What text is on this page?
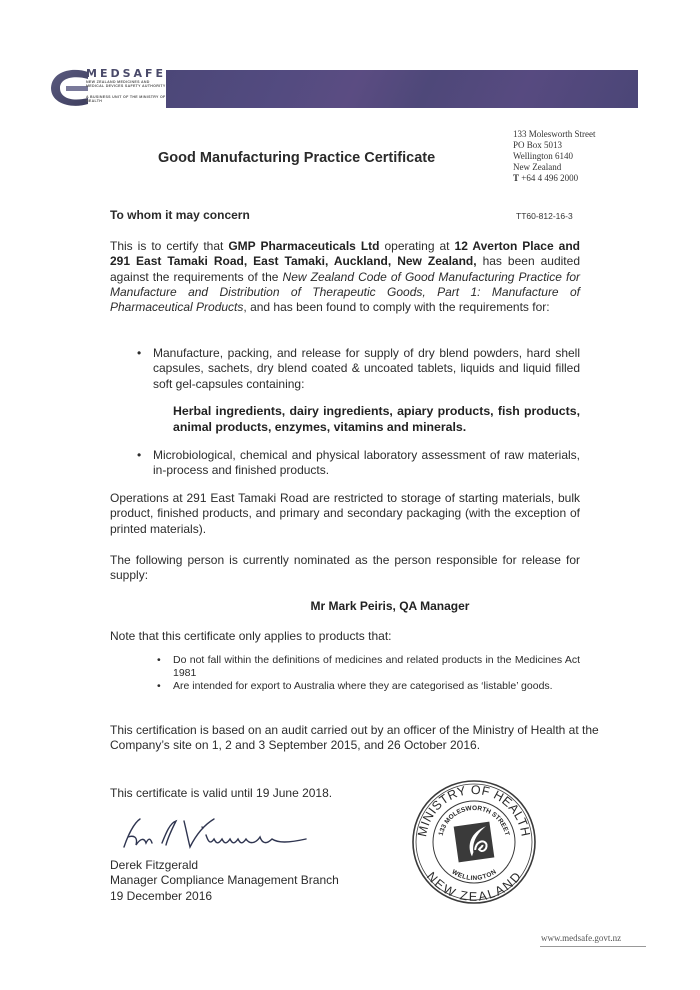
MEDSAFE
NEW ZEALAND MEDICINES AND MEDICAL DEVICES SAFETY AUTHORITY
A BUSINESS UNIT OF THE MINISTRY OF HEALTH
133 Molesworth Street
PO Box 5013
Wellington 6140
New Zealand
T +64 4 496 2000
Good Manufacturing Practice Certificate
To whom it may concern	TT60-812-16-3
This is to certify that GMP Pharmaceuticals Ltd operating at 12 Averton Place and 291 East Tamaki Road, East Tamaki, Auckland, New Zealand, has been audited against the requirements of the New Zealand Code of Good Manufacturing Practice for Manufacture and Distribution of Therapeutic Goods, Part 1: Manufacture of Pharmaceutical Products, and has been found to comply with the requirements for:
• Manufacture, packing, and release for supply of dry blend powders, hard shell capsules, sachets, dry blend coated & uncoated tablets, liquids and liquid filled soft gel-capsules containing:
Herbal ingredients, dairy ingredients, apiary products, fish products, animal products, enzymes, vitamins and minerals.
• Microbiological, chemical and physical laboratory assessment of raw materials, in-process and finished products.
Operations at 291 East Tamaki Road are restricted to storage of starting materials, bulk product, finished products, and primary and secondary packaging (with the exception of printed materials).
The following person is currently nominated as the person responsible for release for supply:
Mr Mark Peiris, QA Manager
Note that this certificate only applies to products that:
• Do not fall within the definitions of medicines and related products in the Medicines Act 1981
• Are intended for export to Australia where they are categorised as ‘listable’ goods.
This certification is based on an audit carried out by an officer of the Ministry of Health at the Company’s site on 1, 2 and 3 September 2015, and 26 October 2016.
This certificate is valid until 19 June 2018.
Derek Fitzgerald
Manager Compliance Management Branch
19 December 2016
MINISTRY OF HEALTH
NEW ZEALAND
133 MOLESWORTH STREET
WELLINGTON
www.medsafe.govt.nz
